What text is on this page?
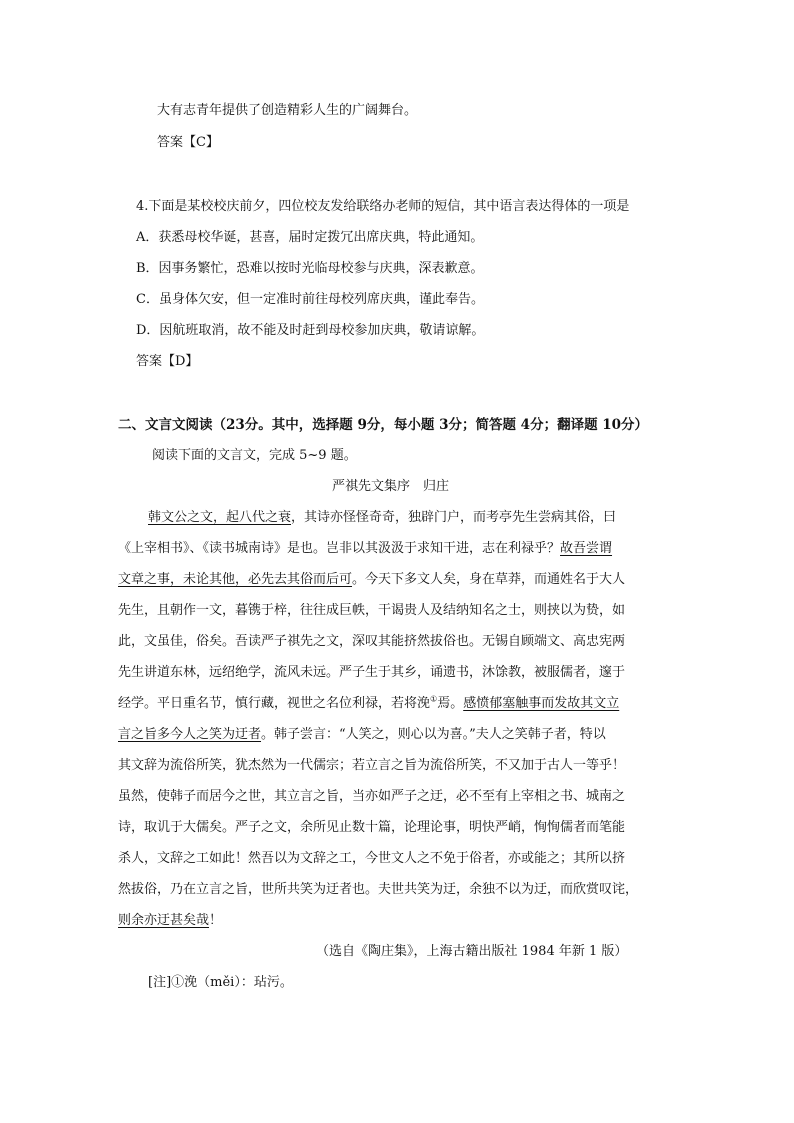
大有志青年提供了创造精彩人生的广阔舞台。
答案【C】
4.下面是某校校庆前夕，四位校友发给联络办老师的短信，其中语言表达得体的一项是
A．获悉母校华诞，甚喜，届时定拨冗出席庆典，特此通知。
B．因事务繁忙，恐难以按时光临母校参与庆典，深表歉意。
C．虽身体欠安，但一定准时前往母校列席庆典，谨此奉告。
D．因航班取消，故不能及时赶到母校参加庆典，敬请谅解。
答案【D】
二、文言文阅读（23分。其中，选择题 9分，每小题 3分；简答题 4分；翻译题 10分）
阅读下面的文言文，完成 5~9 题。
严祺先文集序　归庄
韩文公之文，起八代之衰，其诗亦怪怪奇奇，独辟门户，而考亭先生尝病其俗，曰
《上宰相书》、《读书城南诗》是也。岂非以其汲汲于求知干进，志在利禄乎？故吾尝谓
文章之事，未论其他，必先去其俗而后可。今天下多文人矣，身在草莽，而通姓名于大人
先生，且朝作一文，暮镌于梓，往往成巨帙，干谒贵人及结纳知名之士，则挟以为贽，如
此，文虽佳，俗矣。吾读严子祺先之文，深叹其能挤然拔俗也。无锡自顾端文、高忠宪两
先生讲道东林，远绍绝学，流风未远。严子生于其乡，诵遗书，沐馀教，被服儒者，邃于
经学。平日重名节，慎行藏，视世之名位利禄，若将浼①焉。感愤郁塞触事而发故其文立
言之旨多今人之笑为迂者。韩子尝言：“人笑之，则心以为喜。”夫人之笑韩子者，特以
其文辞为流俗所笑，犹杰然为一代儒宗；若立言之旨为流俗所笑，不又加于古人一等乎！
虽然，使韩子而居今之世，其立言之旨，当亦如严子之迂，必不至有上宰相之书、城南之
诗，取讥于大儒矣。严子之文，余所见止数十篇，论理论事，明快严峭，恂恂儒者而笔能
杀人，文辞之工如此！然吾以为文辞之工，今世文人之不免于俗者，亦或能之；其所以挤
然拔俗，乃在立言之旨，世所共笑为迂者也。夫世共笑为迂，余独不以为迂，而欣赏叹诧，
则余亦迂甚矣哉！
（选自《陶庄集》，上海古籍出版社 1984 年新 1 版）
[注]①浼（měi）：玷污。
